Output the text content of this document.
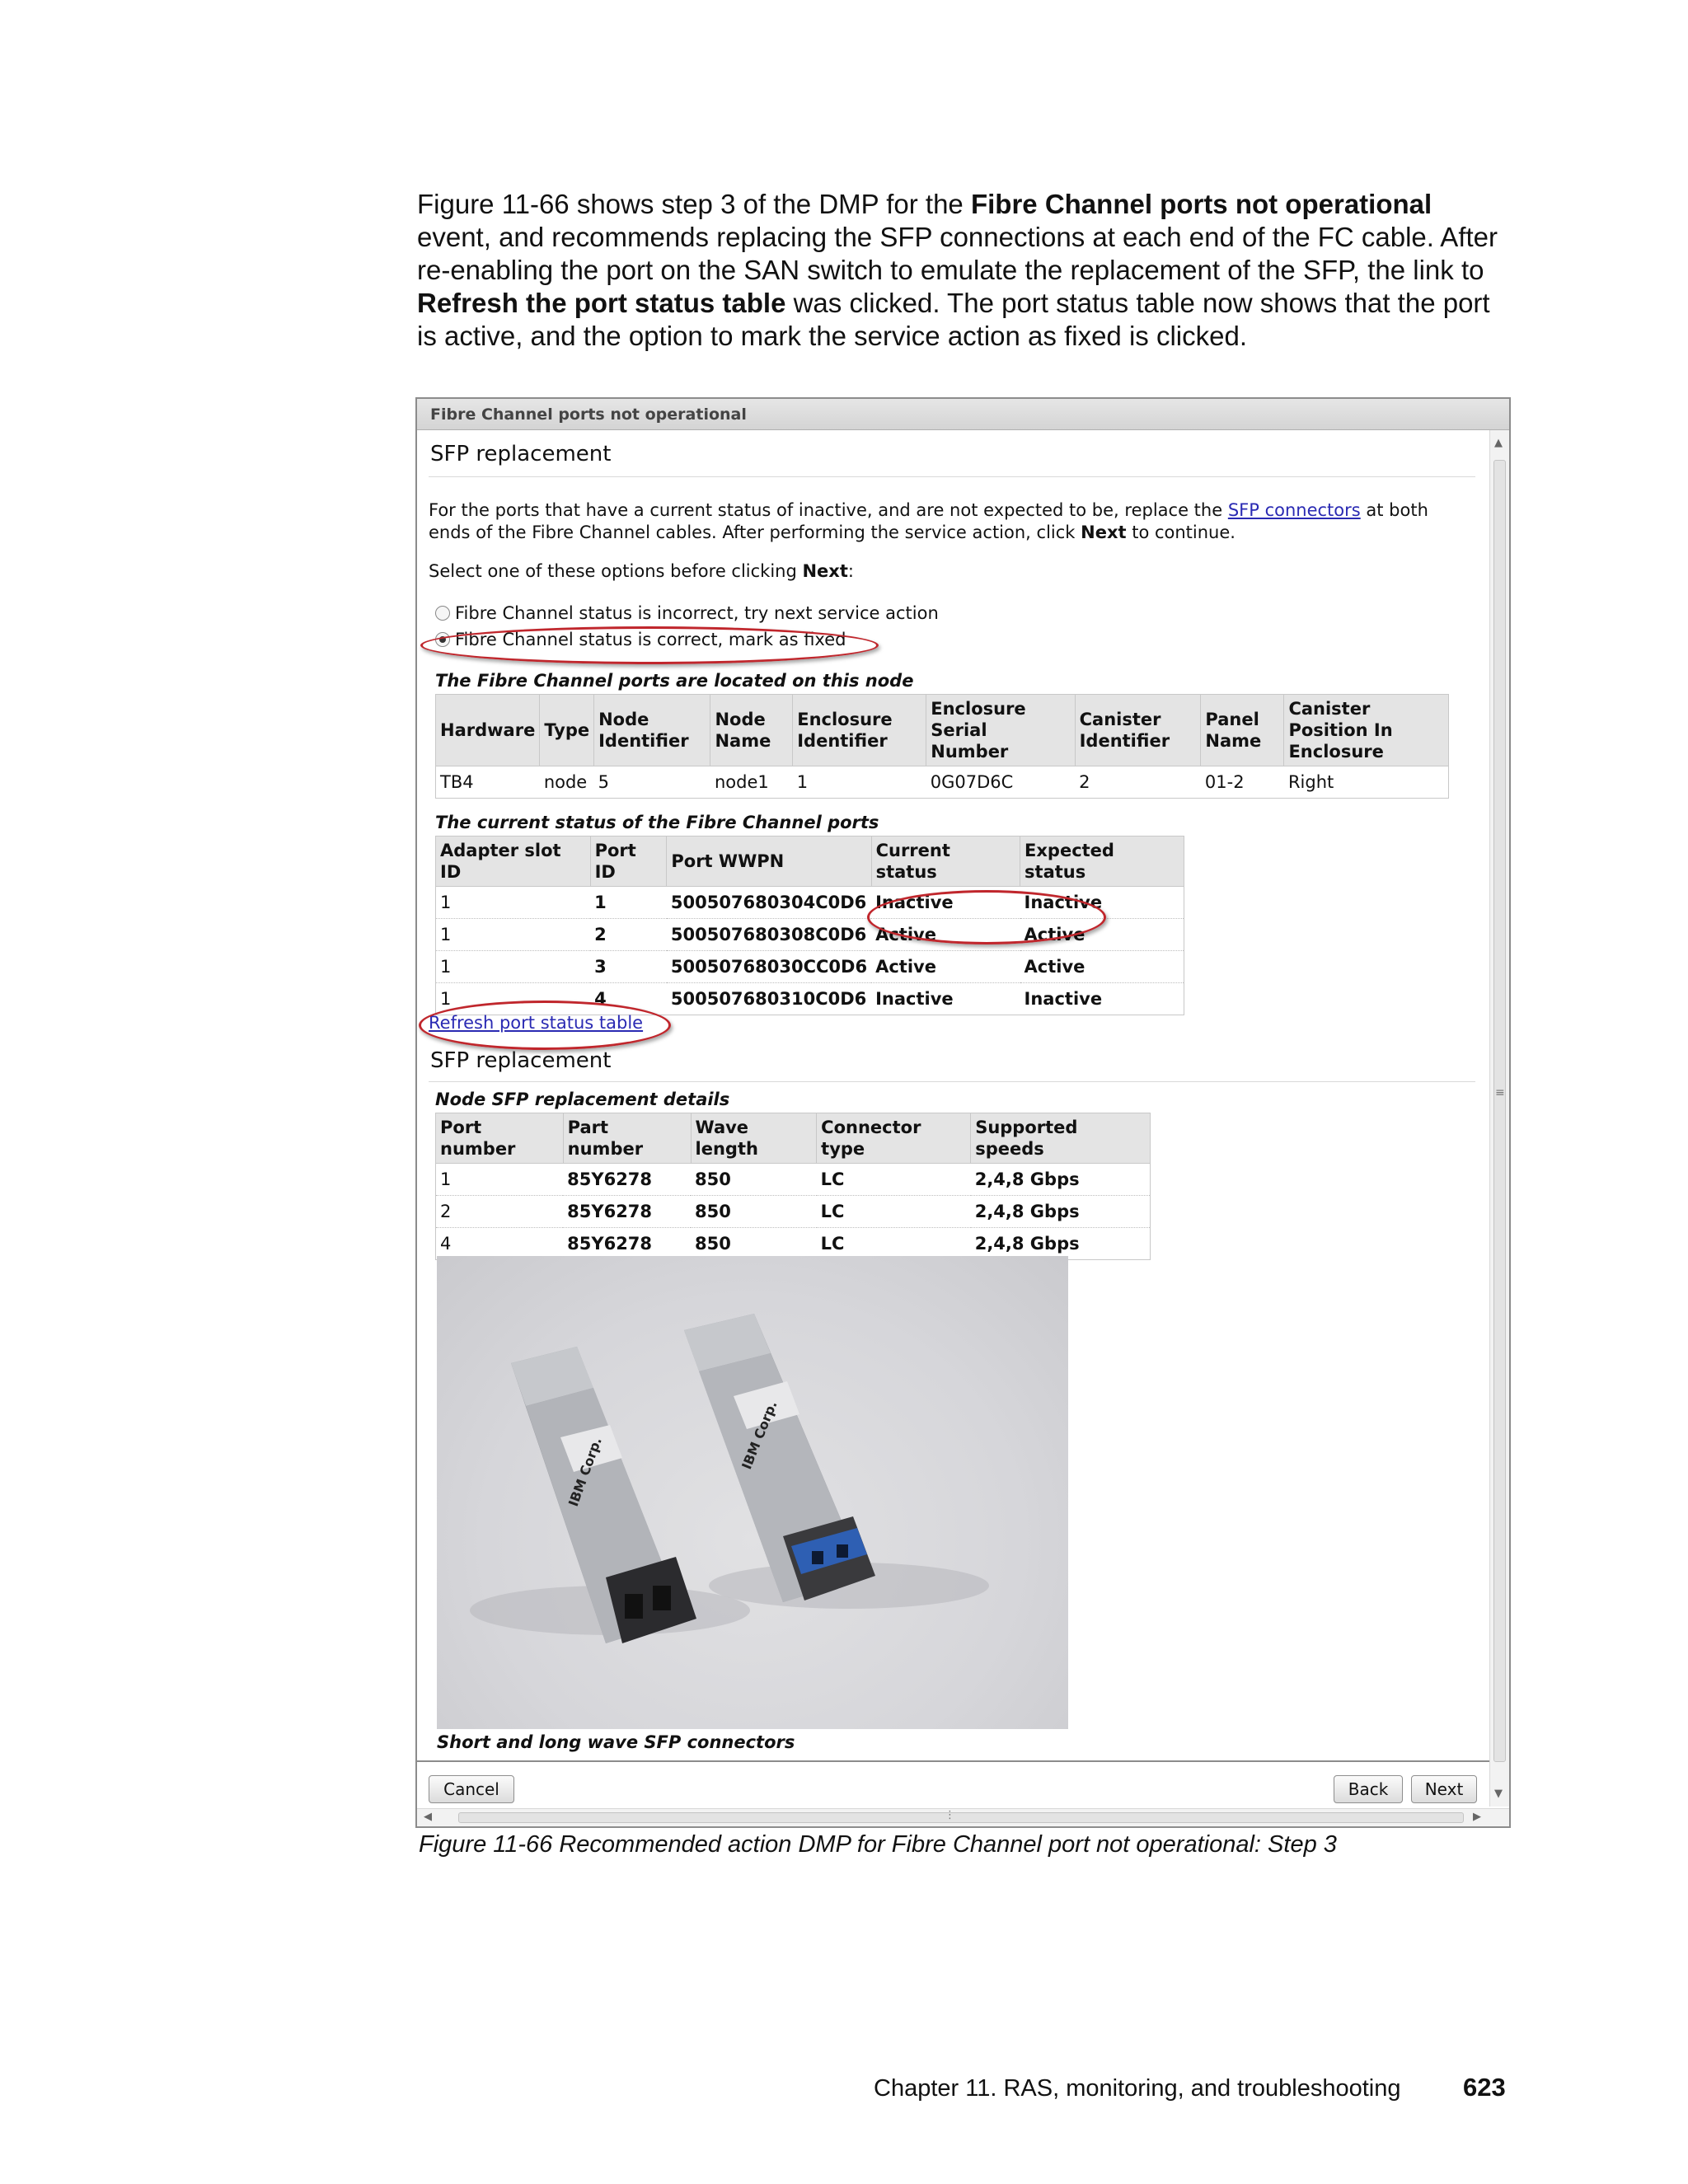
Figure 11-66 shows step 3 of the DMP for the Fibre Channel ports not operational event, and recommends replacing the SFP connections at each end of the FC cable. After re-enabling the port on the SAN switch to emulate the replacement of the SFP, the link to Refresh the port status table was clicked. The port status table now shows that the port is active, and the option to mark the service action as fixed is clicked.
Fibre Channel ports not operational
SFP replacement
For the ports that have a current status of inactive, and are not expected to be, replace the SFP connectors at both
ends of the Fibre Channel cables. After performing the service action, click Next to continue.
Select one of these options before clicking Next:
Fibre Channel status is incorrect, try next service action
Fibre Channel status is correct, mark as fixed
The Fibre Channel ports are located on this node
Hardware	Type	Node Identifier	Node Name	Enclosure Identifier	Enclosure Serial Number	Canister Identifier	Panel Name	Canister Position In Enclosure
TB4	node	5	node1	1	0G07D6C	2	01-2	Right
The current status of the Fibre Channel ports
Adapter slot ID	Port ID	Port WWPN	Current status	Expected status
1	1	500507680304C0D6	Inactive	Inactive
1	2	500507680308C0D6	Active	Active
1	3	50050768030CC0D6	Active	Active
1	4	500507680310C0D6	Inactive	Inactive
Refresh port status table
SFP replacement
Node SFP replacement details
Port number	Part number	Wave length	Connector type	Supported speeds
1	85Y6278	850	LC	2,4,8 Gbps
2	85Y6278	850	LC	2,4,8 Gbps
4	85Y6278	850	LC	2,4,8 Gbps
IBM Corp.
IBM Corp.
Short and long wave SFP connectors
Cancel	Back	Next
▲
≡
▼
◀	⋮	▶
Figure 11-66 Recommended action DMP for Fibre Channel port not operational: Step 3
Chapter 11. RAS, monitoring, and troubleshooting 623
